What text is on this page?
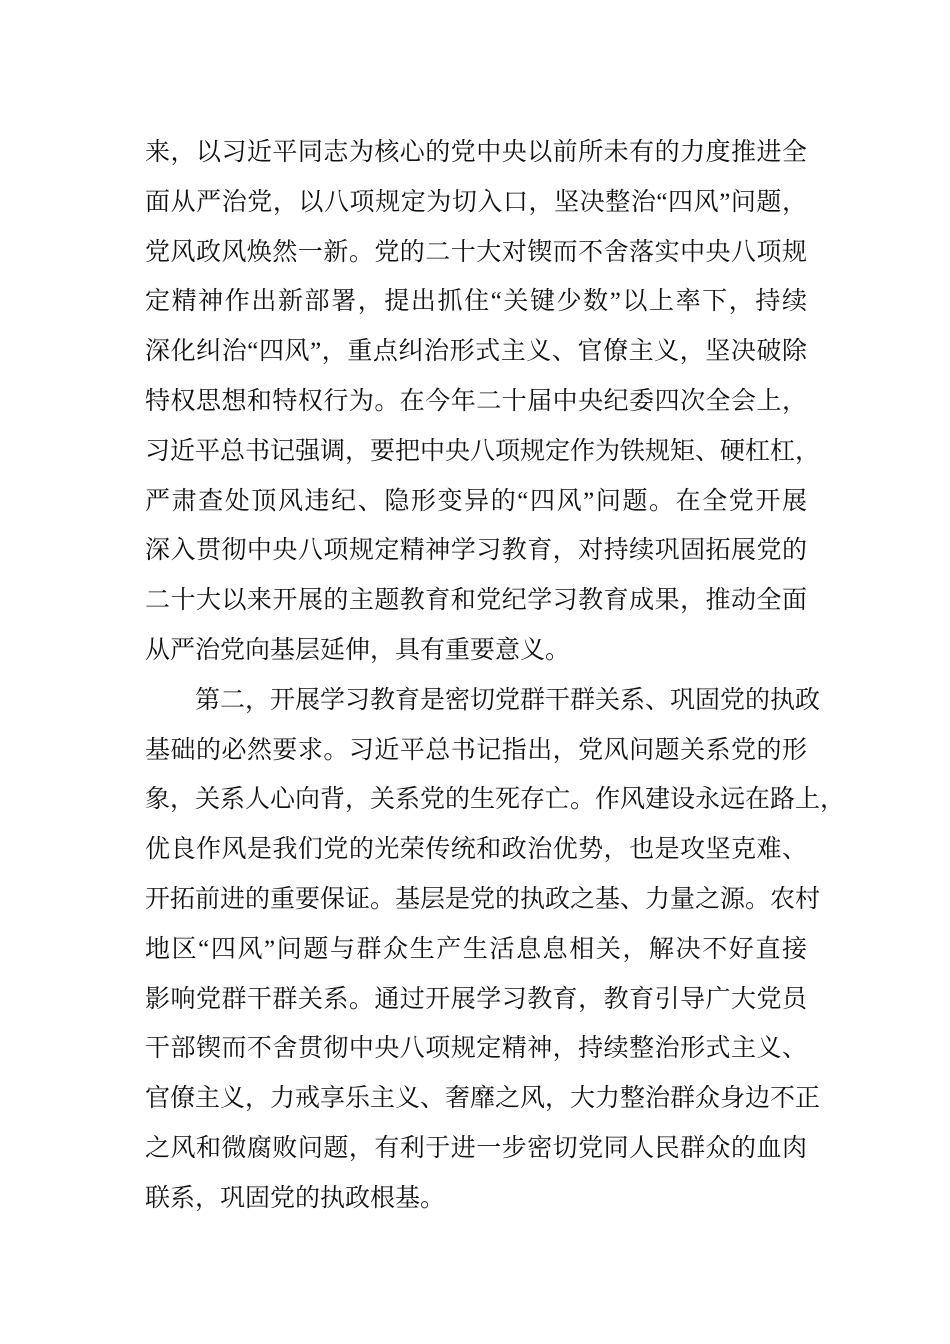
来，以习近平同志为核心的党中央以前所未有的力度推进全
面从严治党，以八项规定为切入口，坚决整治“四风”问题，
党风政风焕然一新。党的二十大对锲而不舍落实中央八项规
定精神作出新部署，提出抓住“关键少数”以上率下，持续
深化纠治“四风”，重点纠治形式主义、官僚主义，坚决破除
特权思想和特权行为。在今年二十届中央纪委四次全会上，
习近平总书记强调，要把中央八项规定作为铁规矩、硬杠杠，
严肃查处顶风违纪、隐形变异的“四风”问题。在全党开展
深入贯彻中央八项规定精神学习教育，对持续巩固拓展党的
二十大以来开展的主题教育和党纪学习教育成果，推动全面
从严治党向基层延伸，具有重要意义。
　　第二，开展学习教育是密切党群干群关系、巩固党的执政
基础的必然要求。习近平总书记指出，党风问题关系党的形
象，关系人心向背，关系党的生死存亡。作风建设永远在路上，
优良作风是我们党的光荣传统和政治优势，也是攻坚克难、
开拓前进的重要保证。基层是党的执政之基、力量之源。农村
地区“四风”问题与群众生产生活息息相关，解决不好直接
影响党群干群关系。通过开展学习教育，教育引导广大党员
干部锲而不舍贯彻中央八项规定精神，持续整治形式主义、
官僚主义，力戒享乐主义、奢靡之风，大力整治群众身边不正
之风和微腐败问题，有利于进一步密切党同人民群众的血肉
联系，巩固党的执政根基。
